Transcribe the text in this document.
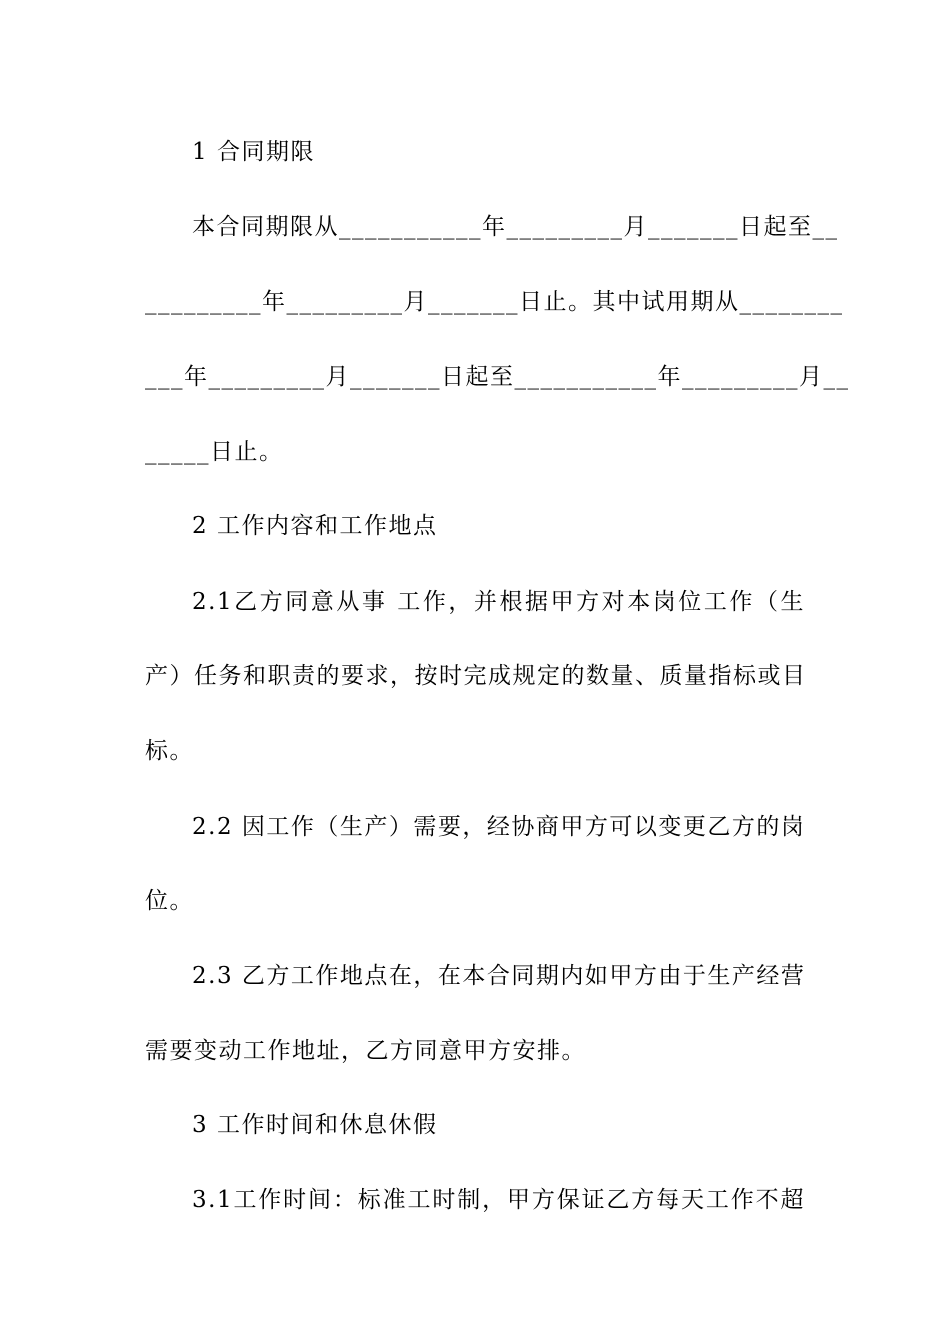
1 合同期限
本合同期限从___________年_________月_______日起至__
_________年_________月_______日止。其中试用期从________
___年_________月_______日起至___________年_________月__
_____日止。
2 工作内容和工作地点
2.1乙方同意从事 工作，并根据甲方对本岗位工作（生
产）任务和职责的要求，按时完成规定的数量、质量指标或目
标。
2.2 因工作（生产）需要，经协商甲方可以变更乙方的岗
位。
2.3 乙方工作地点在，在本合同期内如甲方由于生产经营
需要变动工作地址，乙方同意甲方安排。
3 工作时间和休息休假
3.1工作时间：标准工时制，甲方保证乙方每天工作不超
